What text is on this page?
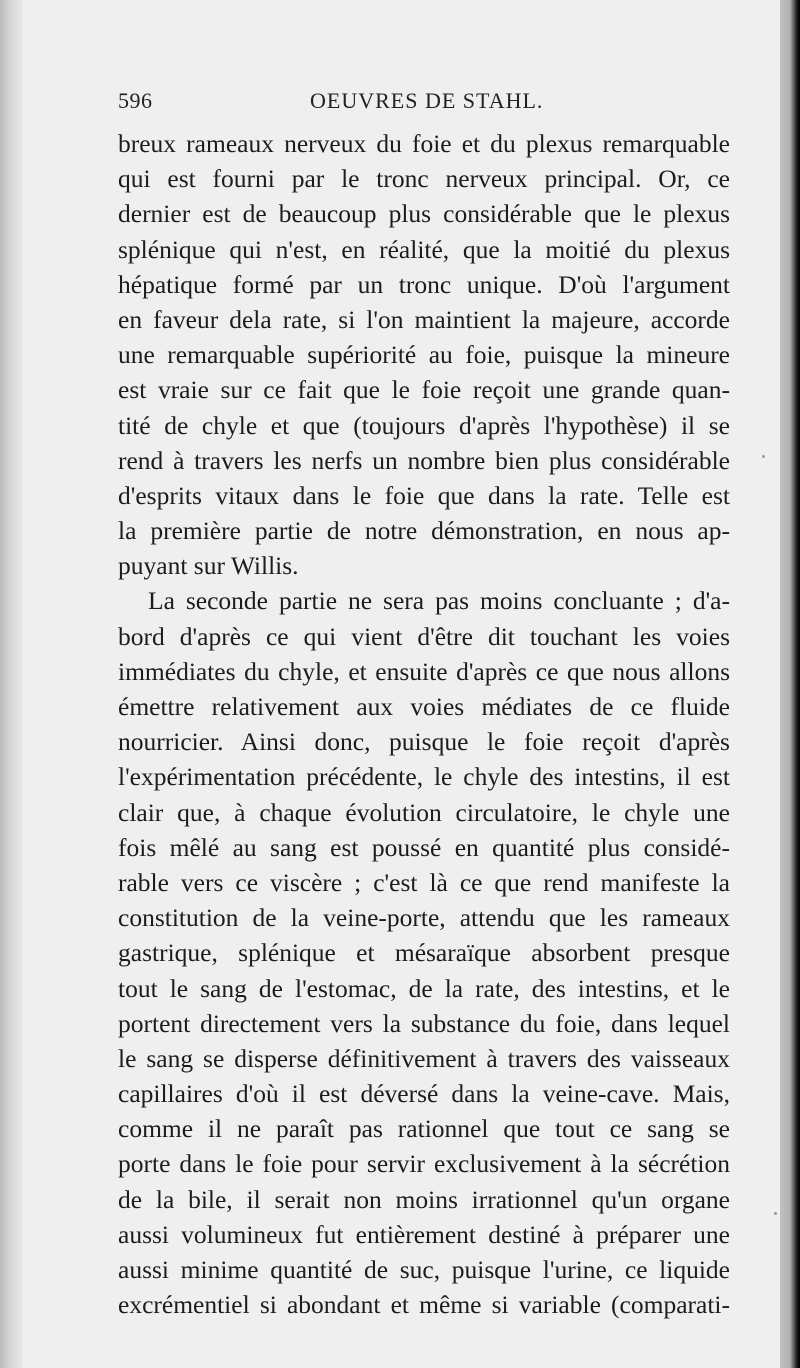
596	OEUVRES DE STAHL.
breux rameaux nerveux du foie et du plexus remarquable
qui est fourni par le tronc nerveux principal. Or, ce
dernier est de beaucoup plus considérable que le plexus
splénique qui n'est, en réalité, que la moitié du plexus
hépatique formé par un tronc unique. D'où l'argument
en faveur dela rate, si l'on maintient la majeure, accorde
une remarquable supériorité au foie, puisque la mineure
est vraie sur ce fait que le foie reçoit une grande quan-
tité de chyle et que (toujours d'après l'hypothèse) il se
rend à travers les nerfs un nombre bien plus considérable
d'esprits vitaux dans le foie que dans la rate. Telle est
la première partie de notre démonstration, en nous ap-
puyant sur Willis.
La seconde partie ne sera pas moins concluante ; d'a-
bord d'après ce qui vient d'être dit touchant les voies
immédiates du chyle, et ensuite d'après ce que nous allons
émettre relativement aux voies médiates de ce fluide
nourricier. Ainsi donc, puisque le foie reçoit d'après
l'expérimentation précédente, le chyle des intestins, il est
clair que, à chaque évolution circulatoire, le chyle une
fois mêlé au sang est poussé en quantité plus considé-
rable vers ce viscère ; c'est là ce que rend manifeste la
constitution de la veine-porte, attendu que les rameaux
gastrique, splénique et mésaraïque absorbent presque
tout le sang de l'estomac, de la rate, des intestins, et le
portent directement vers la substance du foie, dans lequel
le sang se disperse définitivement à travers des vaisseaux
capillaires d'où il est déversé dans la veine-cave. Mais,
comme il ne paraît pas rationnel que tout ce sang se
porte dans le foie pour servir exclusivement à la sécrétion
de la bile, il serait non moins irrationnel qu'un organe
aussi volumineux fut entièrement destiné à préparer une
aussi minime quantité de suc, puisque l'urine, ce liquide
excrémentiel si abondant et même si variable (comparati-
